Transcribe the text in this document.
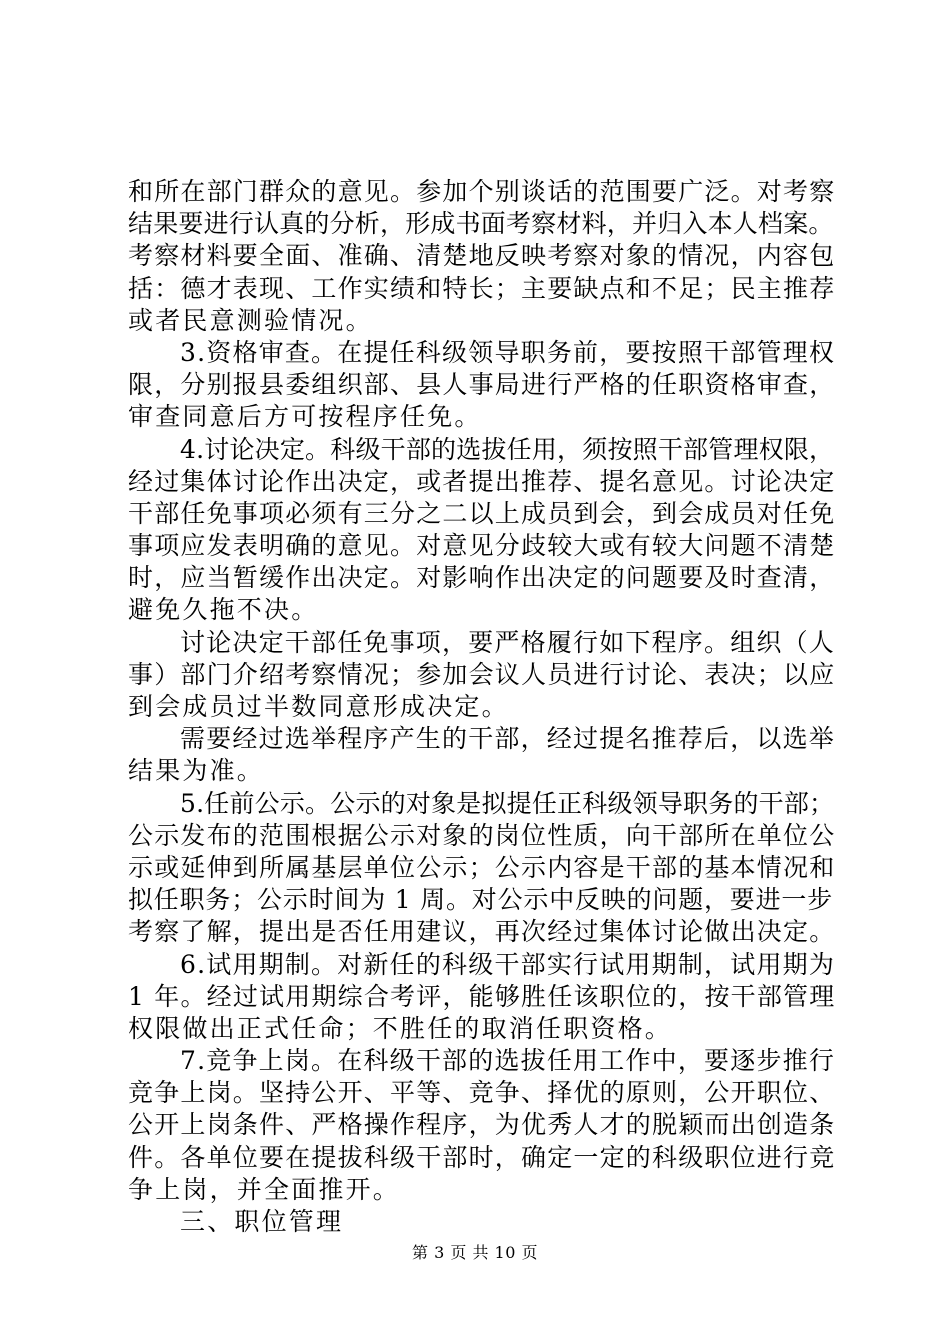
和所在部门群众的意见。参加个别谈话的范围要广泛。对考察
结果要进行认真的分析，形成书面考察材料，并归入本人档案。
考察材料要全面、准确、清楚地反映考察对象的情况，内容包
括：德才表现、工作实绩和特长；主要缺点和不足；民主推荐
或者民意测验情况。
3.资格审查。在提任科级领导职务前，要按照干部管理权
限，分别报县委组织部、县人事局进行严格的任职资格审查，
审查同意后方可按程序任免。
4.讨论决定。科级干部的选拔任用，须按照干部管理权限，
经过集体讨论作出决定，或者提出推荐、提名意见。讨论决定
干部任免事项必须有三分之二以上成员到会，到会成员对任免
事项应发表明确的意见。对意见分歧较大或有较大问题不清楚
时，应当暂缓作出决定。对影响作出决定的问题要及时查清，
避免久拖不决。
讨论决定干部任免事项，要严格履行如下程序。组织（人
事）部门介绍考察情况；参加会议人员进行讨论、表决；以应
到会成员过半数同意形成决定。
需要经过选举程序产生的干部，经过提名推荐后，以选举
结果为准。
5.任前公示。公示的对象是拟提任正科级领导职务的干部；
公示发布的范围根据公示对象的岗位性质，向干部所在单位公
示或延伸到所属基层单位公示；公示内容是干部的基本情况和
拟任职务；公示时间为 1 周。对公示中反映的问题，要进一步
考察了解，提出是否任用建议，再次经过集体讨论做出决定。
6.试用期制。对新任的科级干部实行试用期制，试用期为
1 年。经过试用期综合考评，能够胜任该职位的，按干部管理
权限做出正式任命；不胜任的取消任职资格。
7.竞争上岗。在科级干部的选拔任用工作中，要逐步推行
竞争上岗。坚持公开、平等、竞争、择优的原则，公开职位、
公开上岗条件、严格操作程序，为优秀人才的脱颖而出创造条
件。各单位要在提拔科级干部时，确定一定的科级职位进行竞
争上岗，并全面推开。
三、职位管理
第 3 页 共 10 页
